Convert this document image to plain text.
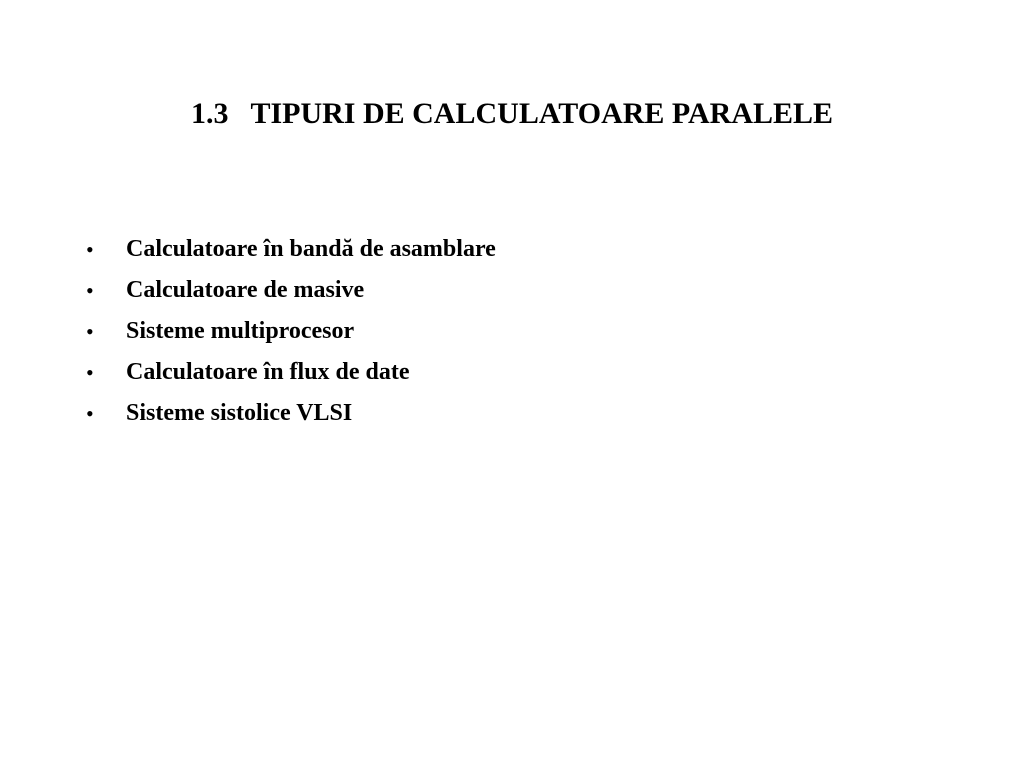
1.3 TIPURI DE CALCULATOARE PARALELE
• Calculatoare în bandă de asamblare
• Calculatoare de masive
• Sisteme multiprocesor
• Calculatoare în flux de date
• Sisteme sistolice VLSI
